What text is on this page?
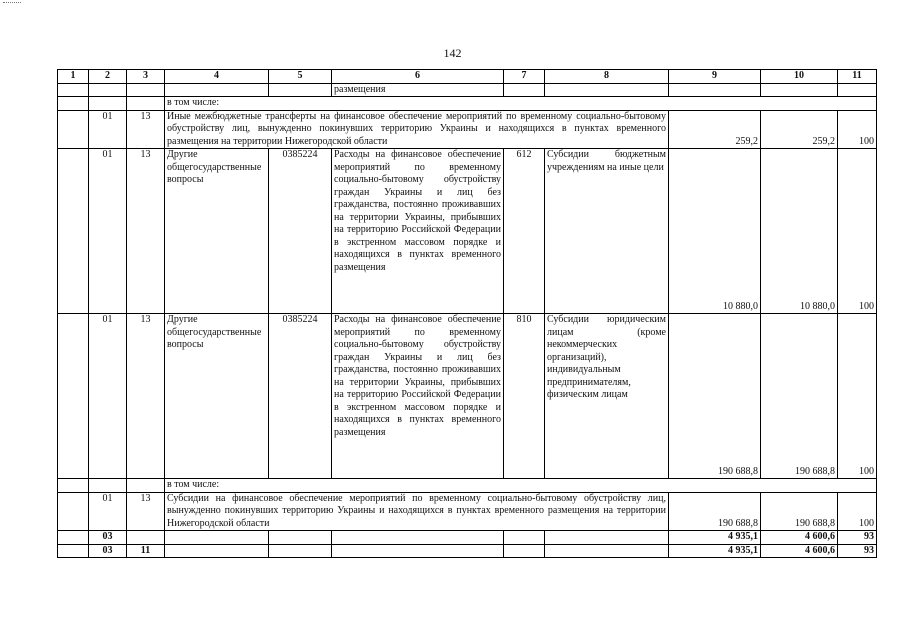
142
1	2	3	4	5	6	7	8	9	10	11
					размещения					
			в том числе:							
	01	13	Иные межбюджетные трансферты на финансовое обеспечение мероприятий по временному социально-бытовому обустройству лиц, вынужденно покинувших территорию Украины и находящихся в пунктах временного размещения на территории Нижегородской области					259,2	259,2	100
	01	13	Другие общегосударственные вопросы	0385224	Расходы на финансовое обеспечение мероприятий по временному социально-бытовому обустройству граждан Украины и лиц без гражданства, постоянно проживавших на территории Украины, прибывших на территорию Российской Федерации в экстренном массовом порядке и находящихся в пунктах временного размещения	612	Субсидии бюджетным учреждениям на иные цели	10 880,0	10 880,0	100
	01	13	Другие общегосударственные вопросы	0385224	Расходы на финансовое обеспечение мероприятий по временному социально-бытовому обустройству граждан Украины и лиц без гражданства, постоянно проживавших на территории Украины, прибывших на территорию Российской Федерации в экстренном массовом порядке и находящихся в пунктах временного размещения	810	Субсидии юридическим лицам (кроме некоммерческих организаций), индивидуальным предпринимателям, физическим лицам	190 688,8	190 688,8	100
			в том числе:							
	01	13	Субсидии на финансовое обеспечение мероприятий по временному социально-бытовому обустройству лиц, вынужденно покинувших территорию Украины и находящихся в пунктах временного размещения на территории Нижегородской области					190 688,8	190 688,8	100
	03							4 935,1	4 600,6	93
	03	11						4 935,1	4 600,6	93
